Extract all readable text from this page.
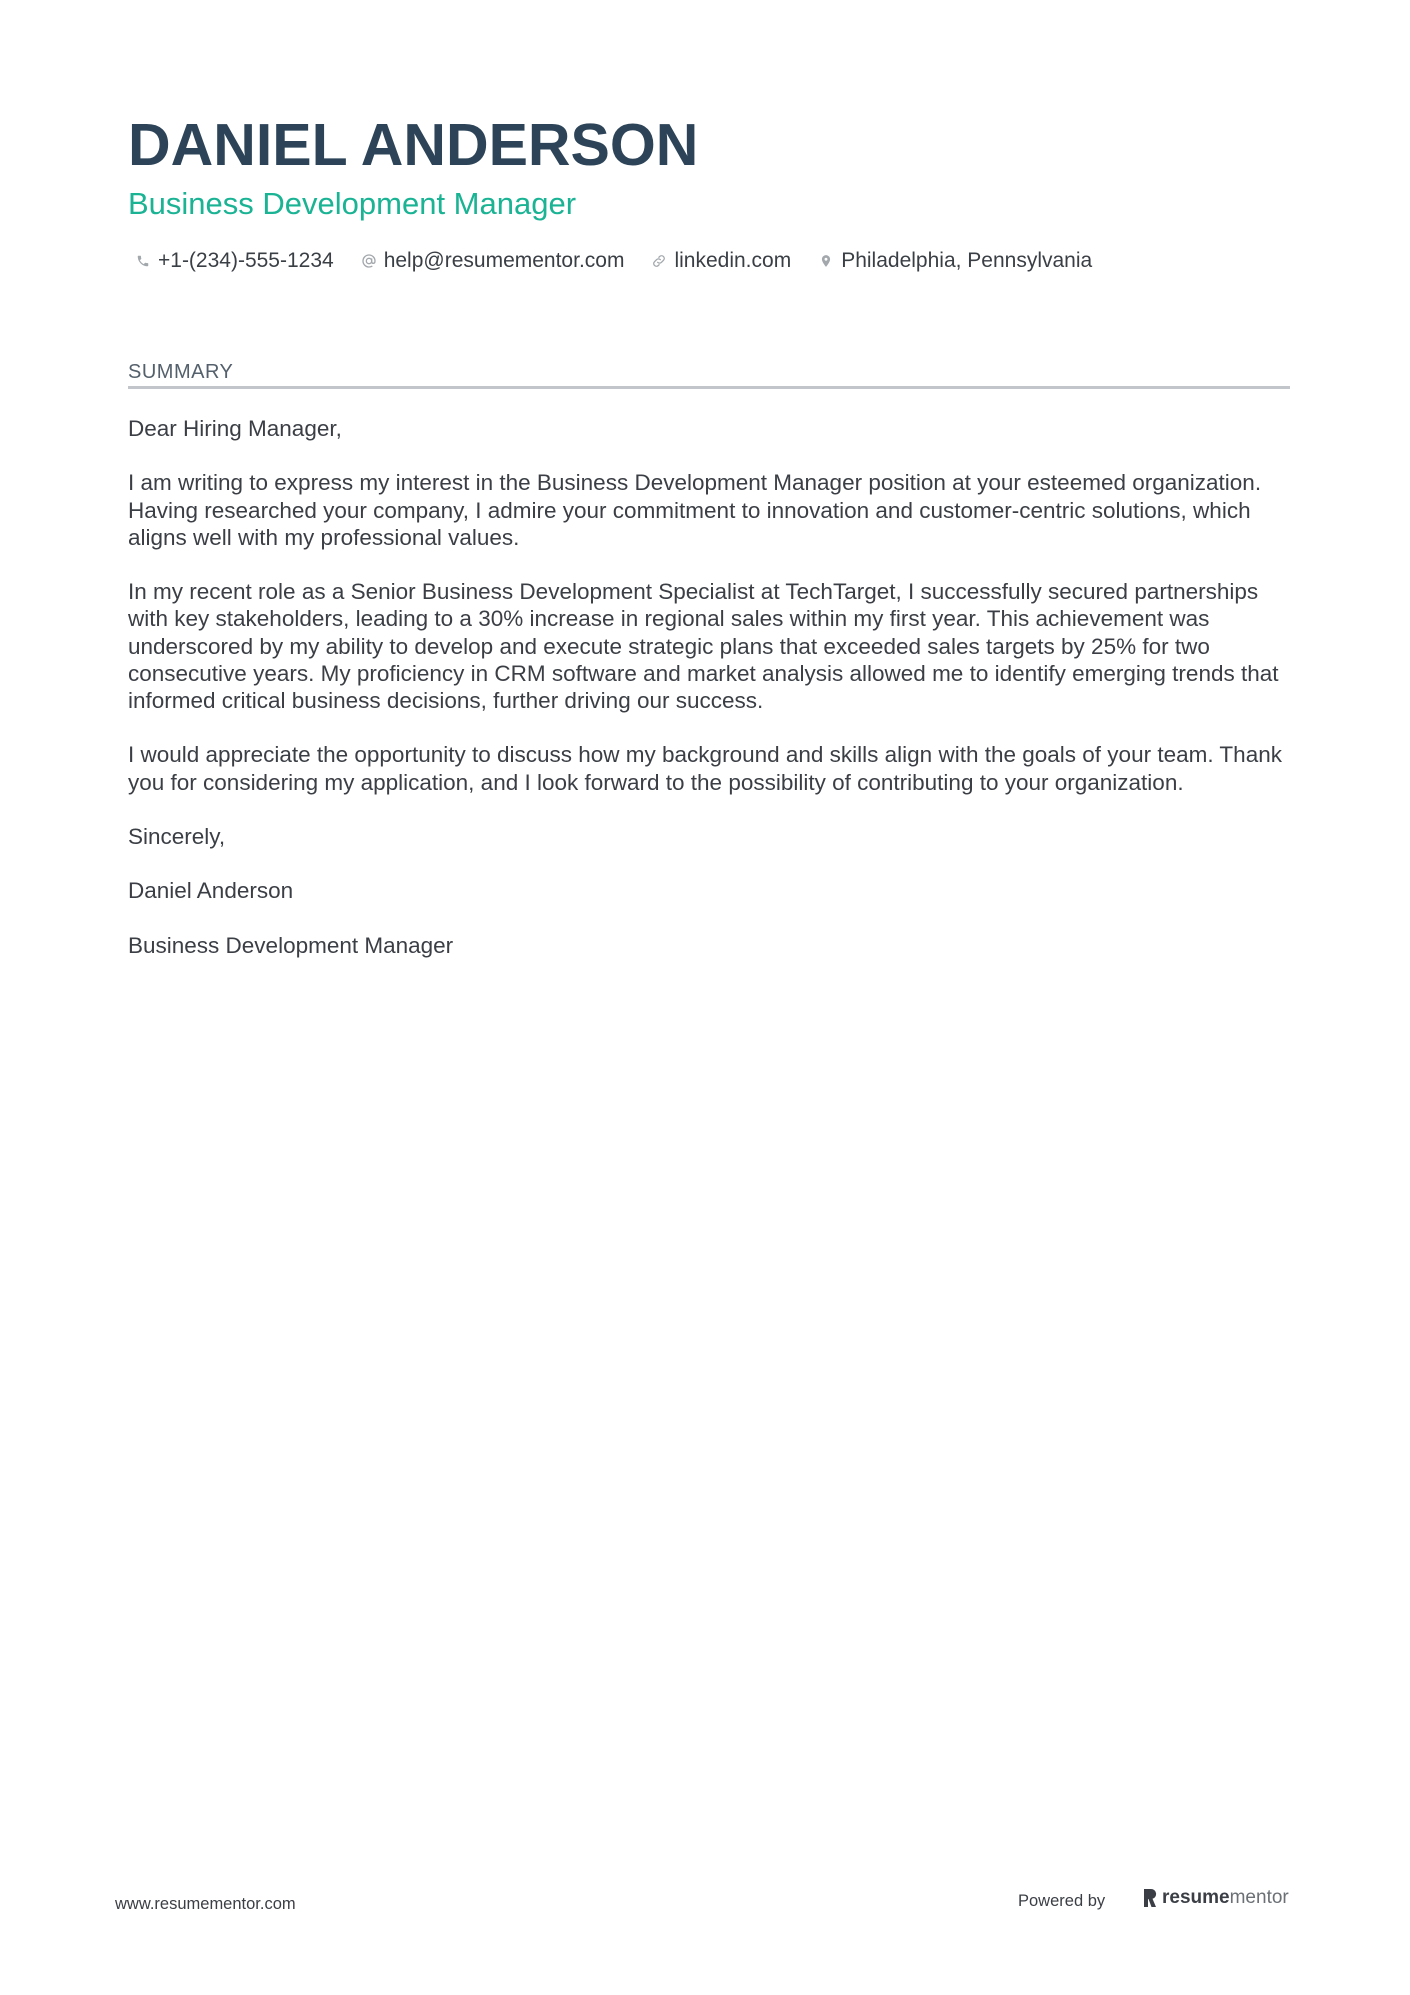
DANIEL ANDERSON
Business Development Manager
+1-(234)-555-1234 help@resumementor.com linkedin.com Philadelphia, Pennsylvania
SUMMARY

Dear Hiring Manager,

I am writing to express my interest in the Business Development Manager position at your esteemed organization. Having researched your company, I admire your commitment to innovation and customer-centric solutions, which aligns well with my professional values.

In my recent role as a Senior Business Development Specialist at TechTarget, I successfully secured partnerships with key stakeholders, leading to a 30% increase in regional sales within my first year. This achievement was underscored by my ability to develop and execute strategic plans that exceeded sales targets by 25% for two consecutive years. My proficiency in CRM software and market analysis allowed me to identify emerging trends that informed critical business decisions, further driving our success.

I would appreciate the opportunity to discuss how my background and skills align with the goals of your team. Thank you for considering my application, and I look forward to the possibility of contributing to your organization.

Sincerely,

Daniel Anderson

Business Development Manager

www.resumementor.com	Powered by	resume mentor
